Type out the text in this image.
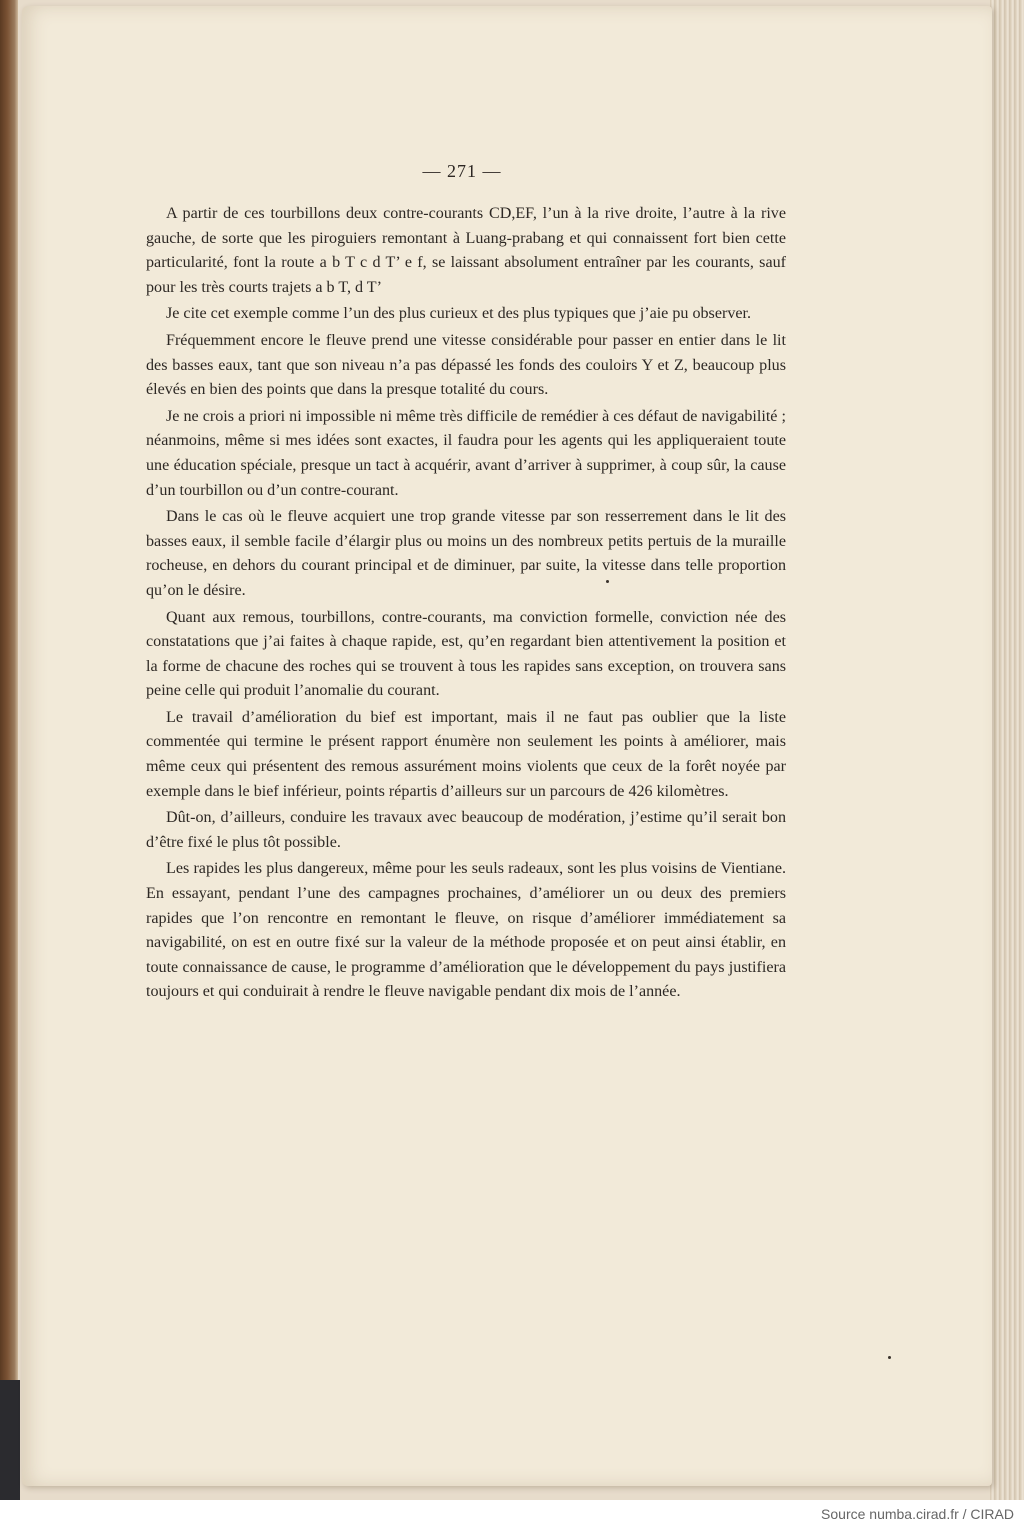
— 271 —

A partir de ces tourbillons deux contre-courants CD,EF, l’un à la rive droite, l’autre à la rive gauche, de sorte que les piroguiers remontant à Luang-prabang et qui connaissent fort bien cette particularité, font la route a b T c d T’ e f, se laissant absolument entraîner par les courants, sauf pour les très courts trajets a b T, d T’

Je cite cet exemple comme l’un des plus curieux et des plus typiques que j’aie pu observer.

Fréquemment encore le fleuve prend une vitesse considérable pour passer en entier dans le lit des basses eaux, tant que son niveau n’a pas dépassé les fonds des couloirs Y et Z, beaucoup plus élevés en bien des points que dans la presque totalité du cours.

Je ne crois a priori ni impossible ni même très difficile de remédier à ces défaut de navigabilité ; néanmoins, même si mes idées sont exactes, il faudra pour les agents qui les appliqueraient toute une éducation spéciale, presque un tact à acquérir, avant d’arriver à supprimer, à coup sûr, la cause d’un tourbillon ou d’un contre-courant.

Dans le cas où le fleuve acquiert une trop grande vitesse par son resserrement dans le lit des basses eaux, il semble facile d’élargir plus ou moins un des nombreux petits pertuis de la muraille rocheuse, en dehors du courant principal et de diminuer, par suite, la vitesse dans telle proportion qu’on le désire.

Quant aux remous, tourbillons, contre-courants, ma conviction formelle, conviction née des constatations que j’ai faites à chaque rapide, est, qu’en regardant bien attentivement la position et la forme de chacune des roches qui se trouvent à tous les rapides sans exception, on trouvera sans peine celle qui produit l’anomalie du courant.

Le travail d’amélioration du bief est important, mais il ne faut pas oublier que la liste commentée qui termine le présent rapport énumère non seulement les points à améliorer, mais même ceux qui présentent des remous assurément moins violents que ceux de la forêt noyée par exemple dans le bief inférieur, points répartis d’ailleurs sur un parcours de 426 kilomètres.

Dût-on, d’ailleurs, conduire les travaux avec beaucoup de modération, j’estime qu’il serait bon d’être fixé le plus tôt possible.

Les rapides les plus dangereux, même pour les seuls radeaux, sont les plus voisins de Vientiane. En essayant, pendant l’une des campagnes prochaines, d’améliorer un ou deux des premiers rapides que l’on rencontre en remontant le fleuve, on risque d’améliorer immédiatement sa navigabilité, on est en outre fixé sur la valeur de la méthode proposée et on peut ainsi établir, en toute connaissance de cause, le programme d’amélioration que le développement du pays justifiera toujours et qui conduirait à rendre le fleuve navigable pendant dix mois de l’année.

Source numba.cirad.fr / CIRAD
